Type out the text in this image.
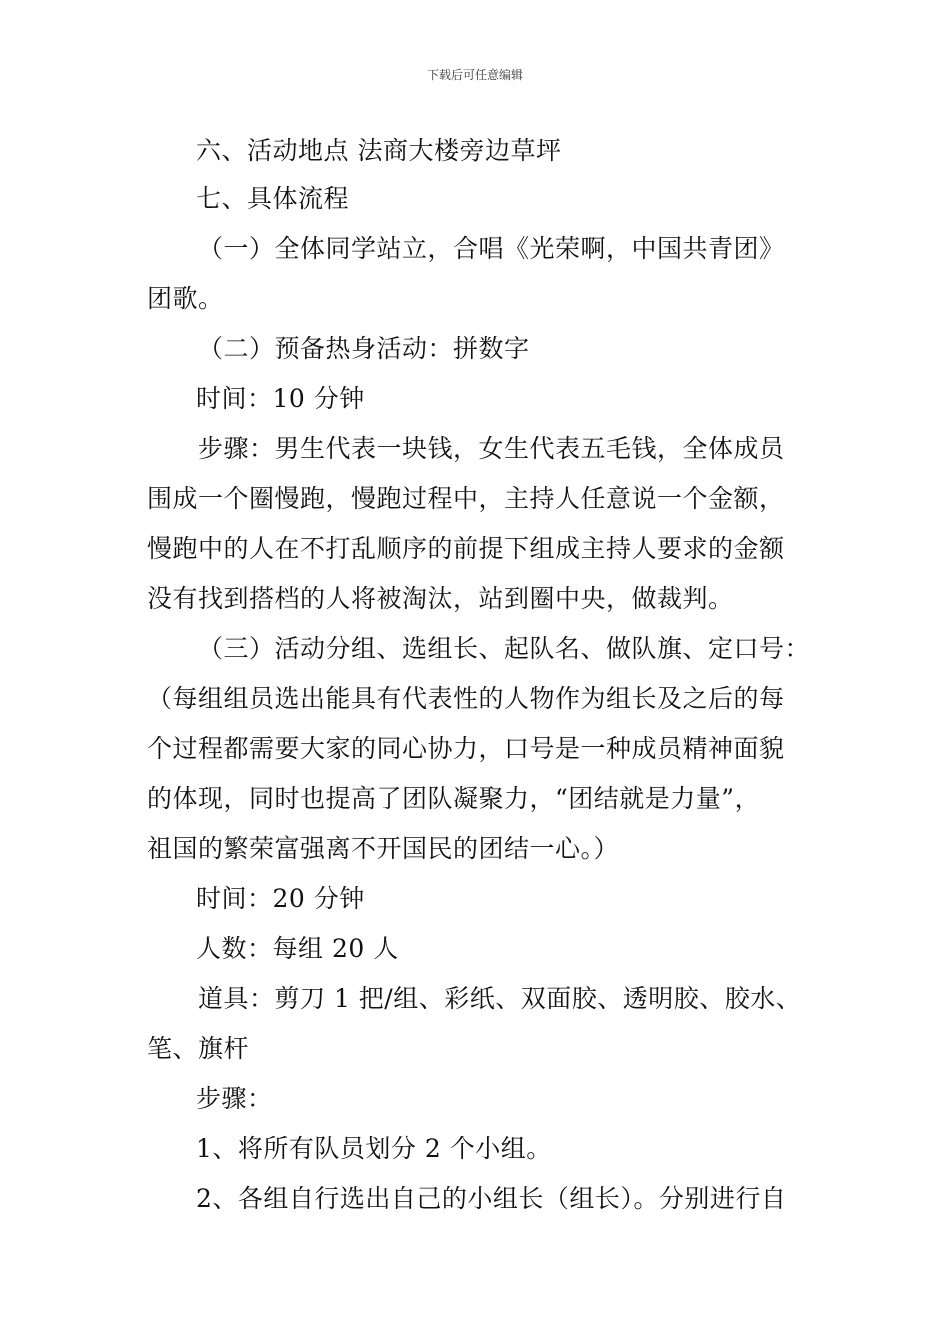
下载后可任意编辑
六、活动地点 法商大楼旁边草坪
七、具体流程
（一）全体同学站立，合唱《光荣啊，中国共青团》
团歌。
（二）预备热身活动：拼数字
时间：10 分钟
步骤：男生代表一块钱，女生代表五毛钱，全体成员
围成一个圈慢跑，慢跑过程中，主持人任意说一个金额，
慢跑中的人在不打乱顺序的前提下组成主持人要求的金额
没有找到搭档的人将被淘汰，站到圈中央，做裁判。
（三）活动分组、选组长、起队名、做队旗、定口号：
（每组组员选出能具有代表性的人物作为组长及之后的每
个过程都需要大家的同心协力，口号是一种成员精神面貌
的体现，同时也提高了团队凝聚力，“团结就是力量”，
祖国的繁荣富强离不开国民的团结一心。）
时间：20 分钟
人数：每组 20 人
道具：剪刀 1 把/组、彩纸、双面胶、透明胶、胶水、
笔、旗杆
步骤：
1、将所有队员划分 2 个小组。
2、各组自行选出自己的小组长（组长）。分别进行自
